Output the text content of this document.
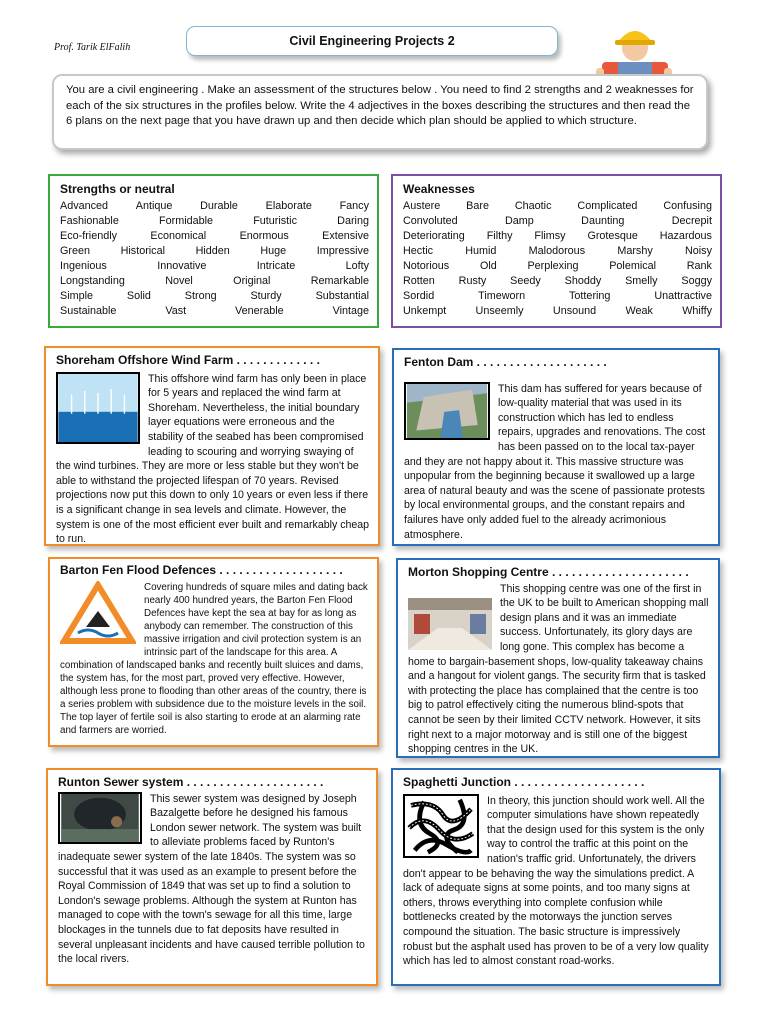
Prof. Tarik ElFalih	Civil Engineering Projects 2
You are a civil engineering . Make an assessment of the structures below . You need to find 2 strengths and 2 weaknesses for each of the six structures in the profiles below. Write the 4 adjectives in the boxes describing the structures and then read the 6 plans on the next page that you have drawn up and then decide which plan should be applied to which structure.
Strengths or neutral
Advanced	Antique	Durable	Elaborate	Fancy
Fashionable	Formidable	Futuristic	Daring
Eco-friendly	Economical	Enormous	Extensive
Green	Historical	Hidden	Huge	Impressive
Ingenious	Innovative	Intricate	Lofty
Longstanding	Novel	Original	Remarkable
Simple	Solid	Strong	Sturdy	Substantial
Sustainable	Vast	Venerable	Vintage
Weaknesses
Austere Bare Chaotic Complicated Confusing
Convoluted	Damp	Daunting	Decrepit
Deteriorating Filthy Flimsy Grotesque Hazardous
Hectic	Humid	Malodorous	Marshy	Noisy
Notorious	Old	Perplexing	Polemical	Rank
Rotten Rusty Seedy Shoddy Smelly Soggy
Sordid	Timeworn	Tottering	Unattractive
Unkempt	Unseemly	Unsound	Weak	Whiffy
Shoreham Offshore Wind Farm . . . . . . . . . . . . .

This offshore wind farm has only been in place for 5 years and replaced the wind farm at Shoreham. Nevertheless, the initial boundary layer equations were erroneous and the stability of the seabed has been compromised leading to scouring and worrying swaying of the wind turbines. They are more or less stable but they won't be able to withstand the projected lifespan of 70 years. Revised projections now put this down to only 10 years or even less if there is a significant change in sea levels and climate. However, the system is one of the most efficient ever built and remarkably cheap to run.

Fenton Dam . . . . . . . . . . . . . . . . . . . .

This dam has suffered for years because of low-quality material that was used in its construction which has led to endless repairs, upgrades and renovations. The cost has been passed on to the local tax-payer and they are not happy about it. This massive structure was unpopular from the beginning because it swallowed up a large area of natural beauty and was the scene of passionate protests by local environmental groups, and the constant repairs and failures have only added fuel to the already acrimonious atmosphere.

Barton Fen Flood Defences . . . . . . . . . . . . . . . . . . .

Covering hundreds of square miles and dating back nearly 400 hundred years, the Barton Fen Flood Defences have kept the sea at bay for as long as anybody can remember. The construction of this massive irrigation and civil protection system is an intrinsic part of the landscape for this area. A combination of landscaped banks and recently built sluices and dams, the system has, for the most part, proved very effective. However, although less prone to flooding than other areas of the country, there is a series problem with subsidence due to the moisture levels in the soil. The top layer of fertile soil is also starting to erode at an alarming rate and farmers are worried.

Morton Shopping Centre . . . . . . . . . . . . . . . . . . . . .

This shopping centre was one of the first in the UK to be built to American shopping mall design plans and it was an immediate success. Unfortunately, its glory days are long gone. This complex has become a home to bargain-basement shops, low-quality takeaway chains and a hangout for violent gangs. The security firm that is tasked with protecting the place has complained that the centre is too big to patrol effectively citing the numerous blind-spots that cannot be seen by their limited CCTV network. However, it sits right next to a major motorway and is still one of the biggest shopping centres in the UK.

Runton Sewer system . . . . . . . . . . . . . . . . . . . . .

This sewer system was designed by Joseph Bazalgette before he designed his famous London sewer network. The system was built to alleviate problems faced by Runton's inadequate sewer system of the late 1840s. The system was so successful that it was used as an example to present before the Royal Commission of 1849 that was set up to find a solution to London's sewage problems. Although the system at Runton has managed to cope with the town's sewage for all this time, large blockages in the tunnels due to fat deposits have resulted in several unpleasant incidents and have caused terrible pollution to the local rivers.

Spaghetti Junction . . . . . . . . . . . . . . . . . . . .

In theory, this junction should work well. All the computer simulations have shown repeatedly that the design used for this system is the only way to control the traffic at this point on the nation's traffic grid. Unfortunately, the drivers don't appear to be behaving the way the simulations predict. A lack of adequate signs at some points, and too many signs at others, throws everything into complete confusion while bottlenecks created by the motorways the junction serves compound the situation. The basic structure is impressively robust but the asphalt used has proven to be of a very low quality which has led to almost constant road-works.
